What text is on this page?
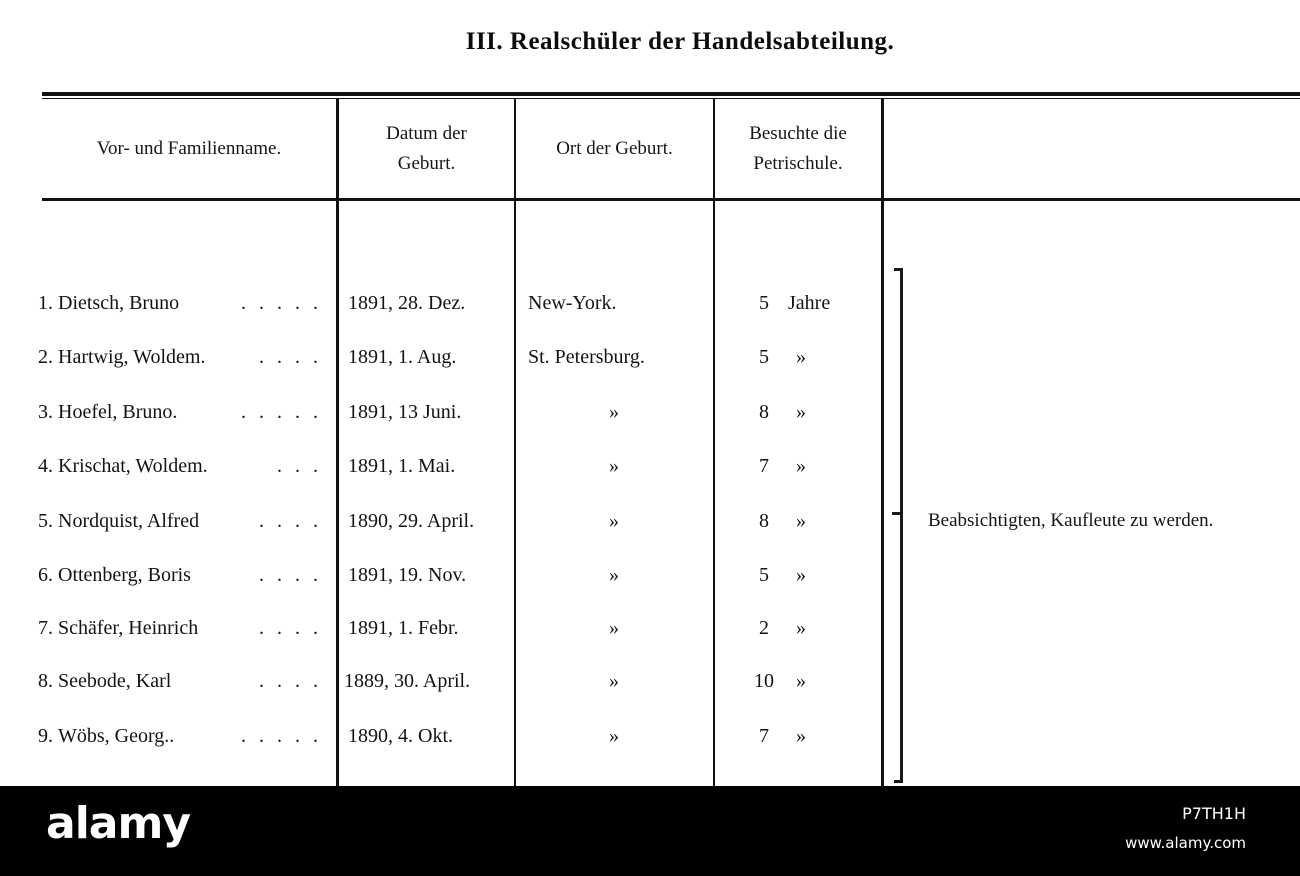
III. Realschüler der Handelsabteilung.
Vor- und Familienname.
Datum der
Geburt.
Ort der Geburt.
Besuchte die
Petrischule.
1. Dietsch, Bruno	. . . . . 1891, 28. Dez.	New-York.	5 Jahre
2. Hartwig, Woldem.	. . . . 1891, 1. Aug.	St. Petersburg.	5	»
3. Hoefel, Bruno.	. . . . . 1891, 13 Juni.	»	8	»
4. Krischat, Woldem.	. . . 1891, 1. Mai.	»	7	»
5. Nordquist, Alfred	. . . . 1890, 29. April.	»	8	»
6. Ottenberg, Boris	. . . . 1891, 19. Nov.	»	5	»
7. Schäfer, Heinrich	. . . . 1891, 1. Febr.	»	2	»
8. Seebode, Karl	. . . . 1889, 30. April.	»	10	»
9. Wöbs, Georg..	. . . . . 1890, 4. Okt.	»	7	»
Beabsichtigten, Kaufleute zu werden.
alamy	P7TH1H
www.alamy.com
